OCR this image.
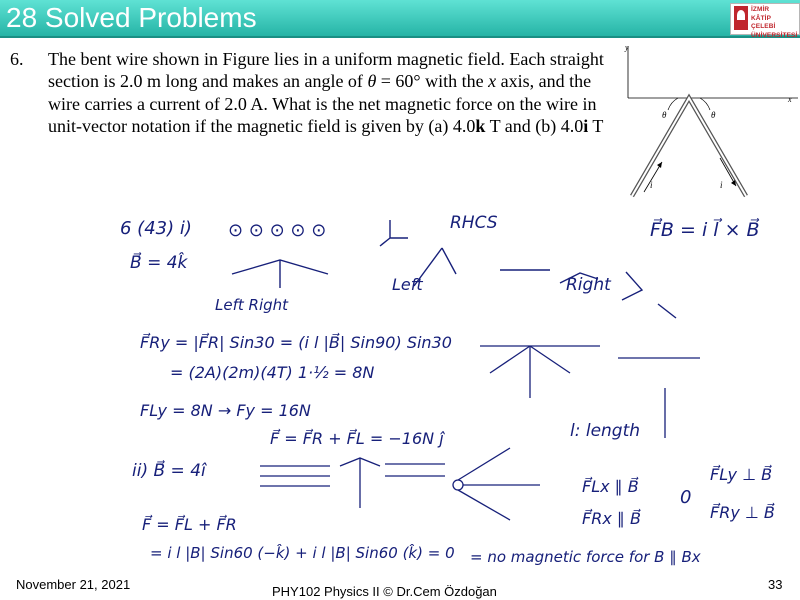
28 Solved Problems	İZMİR
KÂTİP ÇELEBİ
ÜNİVERSİTESİ
6. The bent wire shown in Figure lies in a uniform magnetic field. Each straight section is 2.0 m long and makes an angle of θ = 60° with the x axis, and the wire carries a current of 2.0 A. What is the net magnetic force on the wire in unit-vector notation if the magnetic field is given by (a) 4.0k T and (b) 4.0i T
y
x
θ	θ
i	i
6 (43) i) ⊙ ⊙ ⊙ ⊙ ⊙	RHCS	F⃗B = i l⃗ × B⃗
B⃗ = 4k̂
Left Right
Left	Right
F⃗Ry = |F⃗R| Sin30 = (i l |B⃗| Sin90) Sin30
= (2A)(2m)(4T) 1·½ = 8N
FLy = 8N → Fy = 16N
F⃗ = F⃗R + F⃗L = −16N ĵ	l: length
ii) B⃗ = 4î
F⃗Lx ∥ B⃗
F⃗Rx ∥ B⃗
0
F⃗Ly ⊥ B⃗
F⃗Ry ⊥ B⃗
F⃗ = F⃗L + F⃗R
= i l |B| Sin60 (−k̂) + i l |B| Sin60 (k̂) = 0 = no magnetic force for B ∥ Bx
November 21, 2021	PHY102 Physics II © Dr.Cem Özdoğan	33
